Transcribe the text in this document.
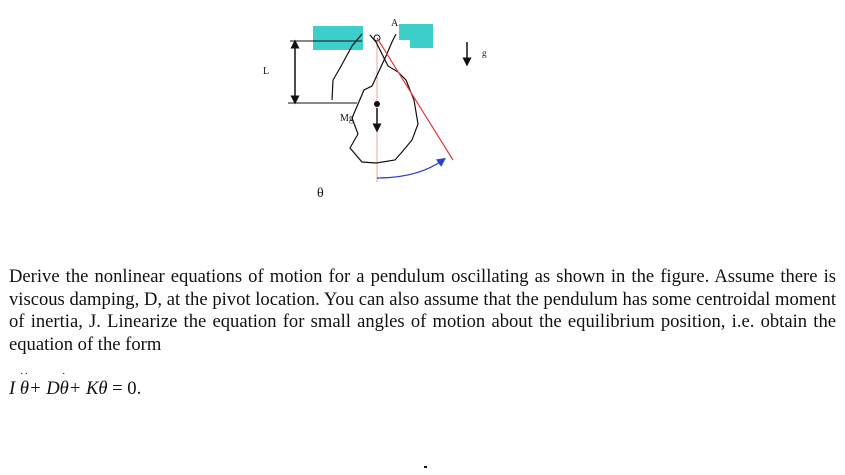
L
A
Mg
g
θ

Derive the nonlinear equations of motion for a pendulum oscillating as shown in the figure. Assume there is viscous damping, D, at the pivot location. You can also assume that the pendulum has some centroidal moment of inertia, J. Linearize the equation for small angles of motion about the equilibrium position, i.e. obtain the equation of the form

I
··
θ+ D
·
θ+ Kθ = 0.
